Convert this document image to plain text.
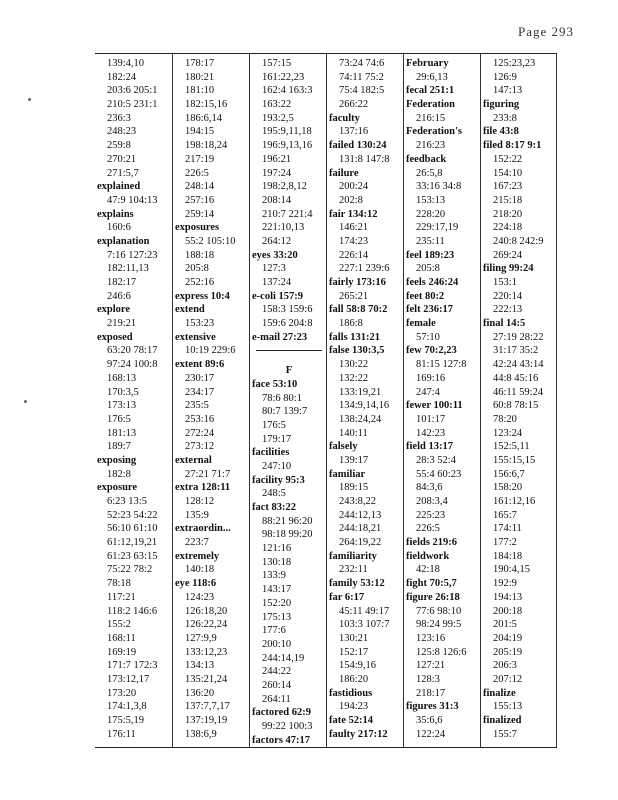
Page 293
139:4,10
182:24
203:6 205:1
210:5 231:1
236:3
248:23
259:8
270:21
271:5,7
explained
47:9 104:13
explains
160:6
explanation
7:16 127:23
182:11,13
182:17
246:6
explore
219:21
exposed
63:20 78:17
97:24 100:8
168:13
170:3,5
173:13
176:5
181:13
189:7
exposing
182:8
exposure
6:23 13:5
52:23 54:22
56:10 61:10
61:12,19,21
61:23 63:15
75:22 78:2
78:18
117:21
118:2 146:6
155:2
168:11
169:19
171:7 172:3
173:12,17
173:20
174:1,3,8
175:5,19
176:11
178:17
180:21
181:10
182:15,16
186:6,14
194:15
198:18,24
217:19
226:5
248:14
257:16
259:14
exposures
55:2 105:10
188:18
205:8
252:16
express 10:4
extend
153:23
extensive
10:19 229:6
extent 89:6
230:17
234:17
235:5
253:16
272:24
273:12
external
27:21 71:7
extra 128:11
128:12
135:9
extraordin...
223:7
extremely
140:18
eye 118:6
124:23
126:18,20
126:22,24
127:9,9
133:12,23
134:13
135:21,24
136:20
137:7,7,17
137:19,19
138:6,9
157:15
161:22,23
162:4 163:3
163:22
193:2,5
195:9,11,18
196:9,13,16
196:21
197:24
198:2,8,12
208:14
210:7 221:4
221:10,13
264:12
eyes 33:20
127:3
137:24
e-coli 157:9
158:3 159:6
159:6 204:8
e-mail 27:23
F
face 53:10
78:6 80:1
80:7 139:7
176:5
179:17
facilities
247:10
facility 95:3
248:5
fact 83:22
88:21 96:20
98:18 99:20
121:16
130:18
133:9
143:17
152:20
175:13
177:6
200:10
244:14,19
244:22
260:14
264:11
factored 62:9
99:22 100:3
factors 47:17
73:24 74:6
74:11 75:2
75:4 182:5
266:22
faculty
137:16
failed 130:24
131:8 147:8
failure
200:24
202:8
fair 134:12
146:21
174:23
226:14
227:1 239:6
fairly 173:16
265:21
fall 58:8 70:2
186:8
falls 131:21
false 130:3,5
130:22
132:22
133:19,21
134:9,14,16
138:24,24
140:11
falsely
139:17
familiar
189:15
243:8,22
244:12,13
244:18,21
264:19,22
familiarity
232:11
family 53:12
far 6:17
45:11 49:17
103:3 107:7
130:21
152:17
154:9,16
186:20
fastidious
194:23
fate 52:14
faulty 217:12
February
29:6,13
fecal 251:1
Federation
216:15
Federation's
216:23
feedback
26:5,8
33:16 34:8
153:13
228:20
229:17,19
235:11
feel 189:23
205:8
feels 246:24
feet 80:2
felt 236:17
female
57:10
few 70:2,23
81:15 127:8
169:16
247:4
fewer 100:11
101:17
142:23
field 13:17
28:3 52:4
55:4 60:23
84:3,6
208:3,4
225:23
226:5
fields 219:6
fieldwork
42:18
fight 70:5,7
figure 26:18
77:6 98:10
98:24 99:5
123:16
125:8 126:6
127:21
128:3
218:17
figures 31:3
35:6,6
122:24
125:23,23
126:9
147:13
figuring
233:8
file 43:8
filed 8:17 9:1
152:22
154:10
167:23
215:18
218:20
224:18
240:8 242:9
269:24
filing 99:24
153:1
220:14
222:13
final 14:5
27:19 28:22
31:17 35:2
42:24 43:14
44:8 45:16
46:11 59:24
60:8 78:15
78:20
123:24
152:5,11
155:15,15
156:6,7
158:20
161:12,16
165:7
174:11
177:2
184:18
190:4,15
192:9
194:13
200:18
201:5
204:19
205:19
206:3
207:12
finalize
155:13
finalized
155:7
